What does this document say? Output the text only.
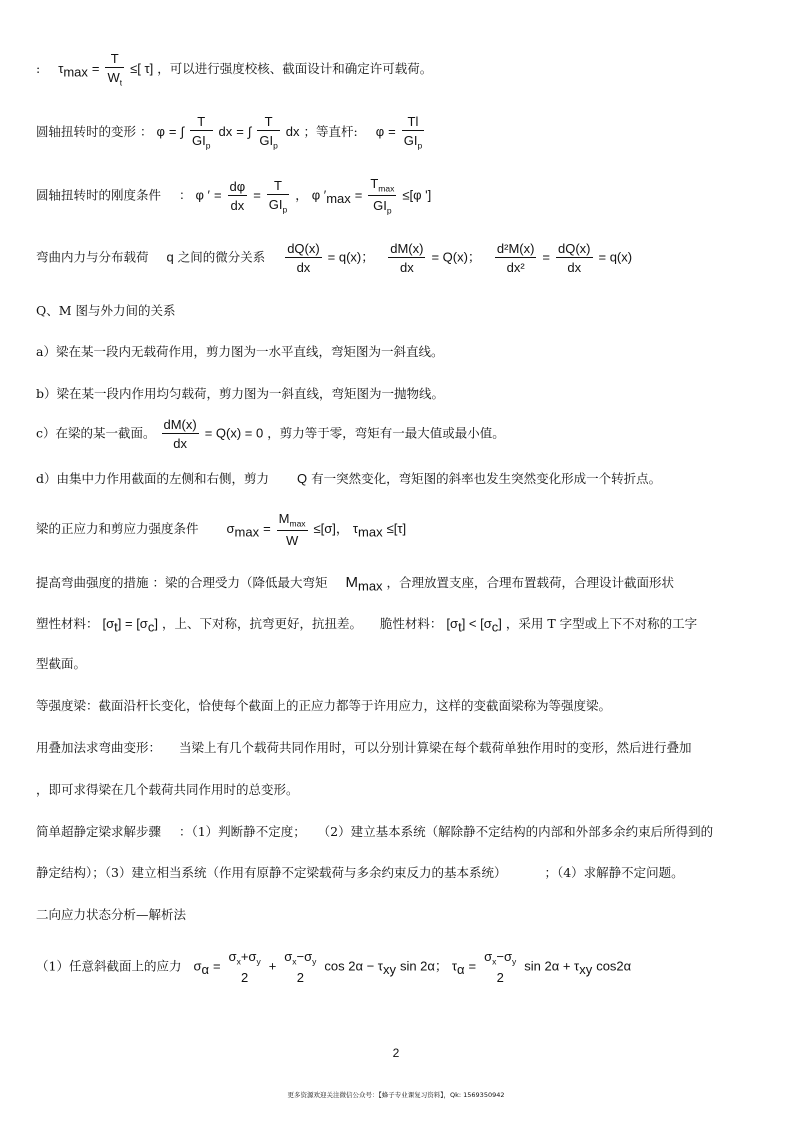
: $\tau_{max} = \frac{T}{W_t}$ ≤[ τ] ，可以进行强度校核、截面设计和确定许可载荷。
圆轴扭转时的变形 ： φ = ∫ $\frac{T}{GI_p}$ dx = ∫ $\frac{T}{GI_p}$ dx ；等直杆: $\varphi = \frac{Tl}{GI_p}$
圆轴扭转时的刚度条件 ： φ ′ = $\frac{d\varphi}{dx} = \frac{T}{GI_p}$ ， φ $'_{max} = \frac{T_{max}}{GI_p} \le[\varphi$ ']
弯曲内力与分布载荷 q 之间的微分关系 $\frac{dQ(x)}{dx} = q(x)$； $\frac{dM(x)}{dx} = Q(x)$； $\frac{\text{d²M(x)}}{\text{dx²}} = \frac{dQ(x)}{dx} = q(x)$
Q、M 图与外力间的关系
a）梁在某一段内无载荷作用，剪力图为一水平直线，弯矩图为一斜直线。
b）梁在某一段内作用均匀载荷，剪力图为一斜直线，弯矩图为一抛物线。
c）在梁的某一截面。 $\frac{dM(x)}{dx} = Q(x) = 0$ ，剪力等于零，弯矩有一最大值或最小值。
d）由集中力作用截面的左侧和右侧，剪力 Q 有一突然变化，弯矩图的斜率也发生突然变化形成一个转折点。
梁的正应力和剪应力强度条件 $\sigma_{max} = \frac{M_{max}}{W} \le[\sigma]$， $\tau_{max} \le[\tau]$
提高弯曲强度的措施 ：梁的合理受力（降低最大弯矩 $M_{max}$ ，合理放置支座，合理布置载荷，合理设计截面形状
塑性材料： $[\sigma_t] = [\sigma_c]$ ，上、下对称，抗弯更好，抗扭差。 脆性材料： $[\sigma_t] < [\sigma_c]$ ，采用 T 字型或上下不对称的工字
型截面。
等强度梁：截面沿杆长变化，恰使每个截面上的正应力都等于许用应力，这样的变截面梁称为等强度梁。
用叠加法求弯曲变形： 当梁上有几个载荷共同作用时，可以分别计算梁在每个载荷单独作用时的变形，然后进行叠加
，即可求得梁在几个载荷共同作用时的总变形。
简单超静定梁求解步骤 ：（1）判断静不定度； （2）建立基本系统（解除静不定结构的内部和外部多余约束后所得到的
静定结构）；（3）建立相当系统（作用有原静不定梁载荷与多余约束反力的基本系统）	；（4）求解静不定问题。
二向应力状态分析—解析法
（1）任意斜截面上的应力 $\sigma_\alpha$ =
$\sigma_x+\sigma_y$
2
+
$\sigma_x-\sigma_y$
2
$\cos 2\alpha - \tau_{xy}$ sin 2α； $\tau_\alpha$ =
$\sigma_x-\sigma_y$
2
$\sin 2\alpha + \tau_{xy}$ cos2α
2
更多资源欢迎关注微信公众号：【蜂子专业课复习资料】，Qk: 1569350942
